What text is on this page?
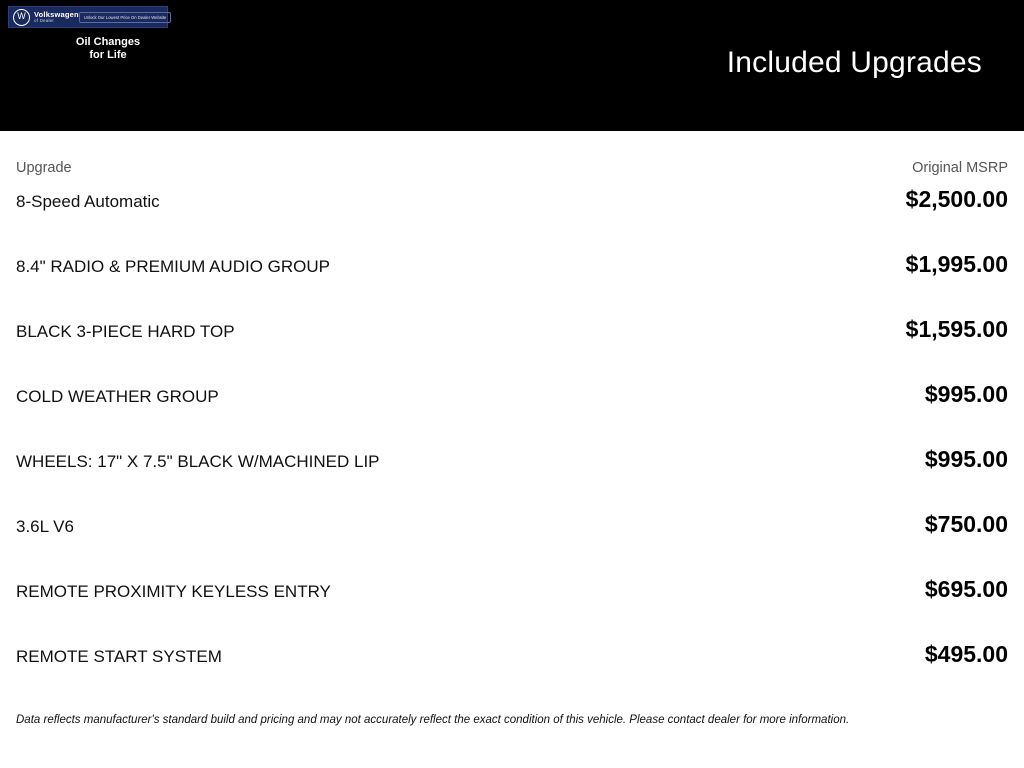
W
Volkswagen
of Dealer
Unlock Our Lowest Price On Dealer Website
Oil Changes
for Life	Included Upgrades
Upgrade	Original MSRP
8-Speed Automatic	$2,500.00
8.4" RADIO & PREMIUM AUDIO GROUP	$1,995.00
BLACK 3-PIECE HARD TOP	$1,595.00
COLD WEATHER GROUP	$995.00
WHEELS: 17" X 7.5" BLACK W/MACHINED LIP	$995.00
3.6L V6	$750.00
REMOTE PROXIMITY KEYLESS ENTRY	$695.00
REMOTE START SYSTEM	$495.00
Data reflects manufacturer's standard build and pricing and may not accurately reflect the exact condition of this vehicle. Please contact dealer for more information.
